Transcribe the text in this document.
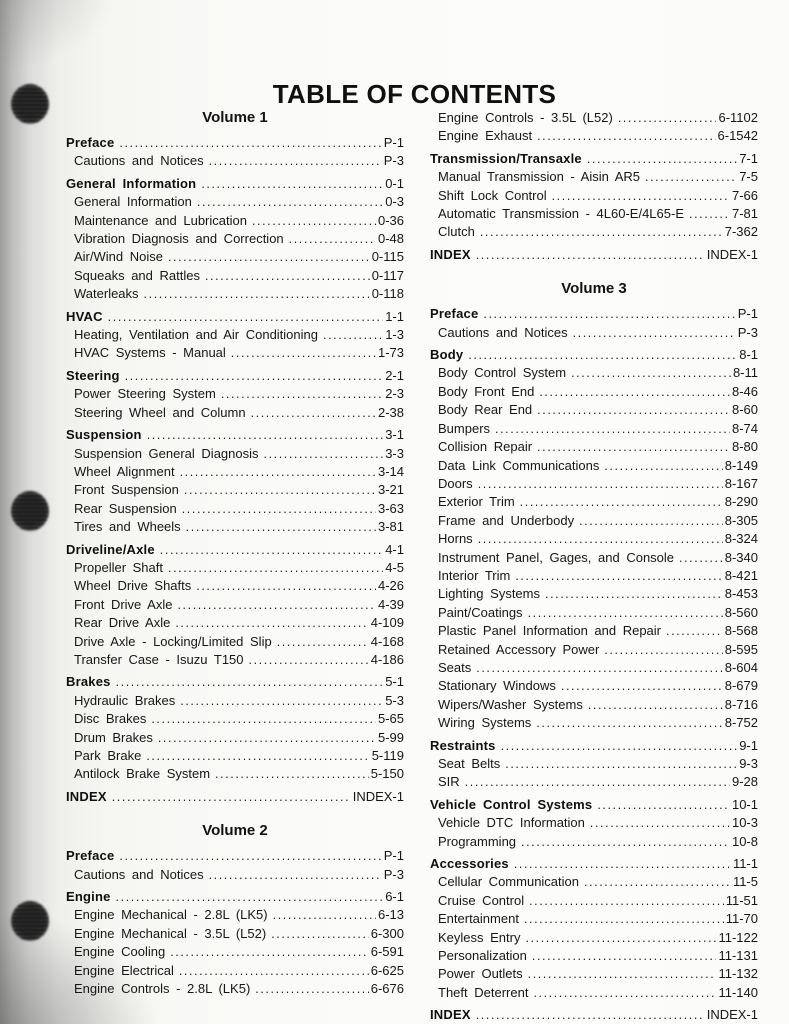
TABLE OF CONTENTS
Volume 1
Preface .....	P-1
Cautions and Notices .....	P-3
General Information .....	0-1
General Information .....	0-3
Maintenance and Lubrication .....	0-36
Vibration Diagnosis and Correction .....	0-48
Air/Wind Noise .....	0-115
Squeaks and Rattles .....	0-117
Waterleaks .....	0-118
HVAC .....	1-1
Heating, Ventilation and Air Conditioning .....	1-3
HVAC Systems - Manual .....	1-73
Steering .....	2-1
Power Steering System .....	2-3
Steering Wheel and Column .....	2-38
Suspension .....	3-1
Suspension General Diagnosis .....	3-3
Wheel Alignment .....	3-14
Front Suspension .....	3-21
Rear Suspension .....	3-63
Tires and Wheels .....	3-81
Driveline/Axle .....	4-1
Propeller Shaft .....	4-5
Wheel Drive Shafts .....	4-26
Front Drive Axle .....	4-39
Rear Drive Axle .....	4-109
Drive Axle - Locking/Limited Slip .....	4-168
Transfer Case - Isuzu T150 .....	4-186
Brakes .....	5-1
Hydraulic Brakes .....	5-3
Disc Brakes .....	5-65
Drum Brakes .....	5-99
Park Brake .....	5-119
Antilock Brake System .....	5-150
INDEX .....	INDEX-1
Volume 2
Preface .....	P-1
Cautions and Notices .....	P-3
Engine .....	6-1
Engine Mechanical - 2.8L (LK5) .....	6-13
Engine Mechanical - 3.5L (L52) .....	6-300
Engine Cooling .....	6-591
Engine Electrical .....	6-625
Engine Controls - 2.8L (LK5) .....	6-676
Engine Controls - 3.5L (L52) .....	6-1102
Engine Exhaust .....	6-1542
Transmission/Transaxle .....	7-1
Manual Transmission - Aisin AR5 .....	7-5
Shift Lock Control .....	7-66
Automatic Transmission - 4L60-E/4L65-E .....	7-81
Clutch .....	7-362
INDEX .....	INDEX-1
Volume 3
Preface .....	P-1
Cautions and Notices .....	P-3
Body .....	8-1
Body Control System .....	8-11
Body Front End .....	8-46
Body Rear End .....	8-60
Bumpers .....	8-74
Collision Repair .....	8-80
Data Link Communications .....	8-149
Doors .....	8-167
Exterior Trim .....	8-290
Frame and Underbody .....	8-305
Horns .....	8-324
Instrument Panel, Gages, and Console .....	8-340
Interior Trim .....	8-421
Lighting Systems .....	8-453
Paint/Coatings .....	8-560
Plastic Panel Information and Repair .....	8-568
Retained Accessory Power .....	8-595
Seats .....	8-604
Stationary Windows .....	8-679
Wipers/Washer Systems .....	8-716
Wiring Systems .....	8-752
Restraints .....	9-1
Seat Belts .....	9-3
SIR .....	9-28
Vehicle Control Systems .....	10-1
Vehicle DTC Information .....	10-3
Programming .....	10-8
Accessories .....	11-1
Cellular Communication .....	11-5
Cruise Control .....	11-51
Entertainment .....	11-70
Keyless Entry .....	11-122
Personalization .....	11-131
Power Outlets .....	11-132
Theft Deterrent .....	11-140
INDEX .....	INDEX-1
